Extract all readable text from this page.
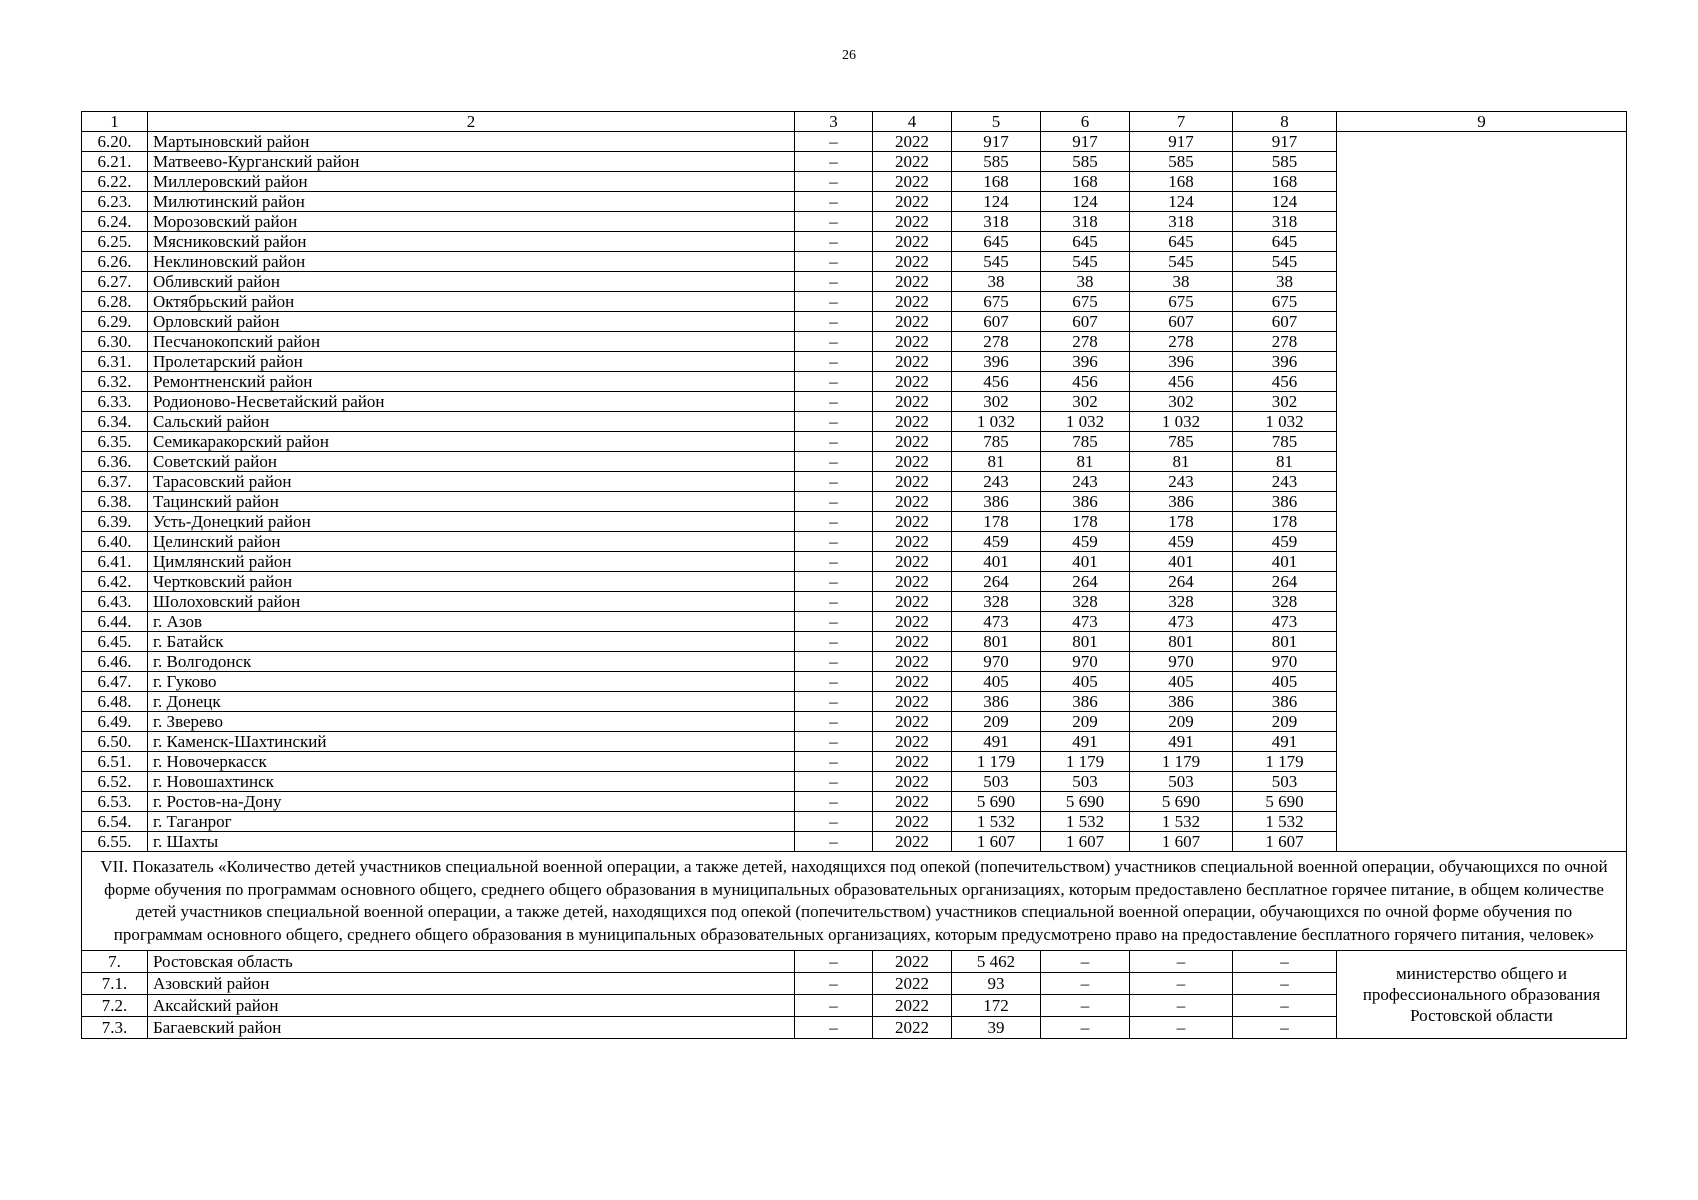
26
1	2	3	4	5	6	7	8	9
6.20.	Мартыновский район	–	2022	917	917	917	917	
6.21.	Матвеево-Курганский район	–	2022	585	585	585	585	
6.22.	Миллеровский район	–	2022	168	168	168	168	
6.23.	Милютинский район	–	2022	124	124	124	124	
6.24.	Морозовский район	–	2022	318	318	318	318	
6.25.	Мясниковский район	–	2022	645	645	645	645	
6.26.	Неклиновский район	–	2022	545	545	545	545	
6.27.	Обливский район	–	2022	38	38	38	38	
6.28.	Октябрьский район	–	2022	675	675	675	675	
6.29.	Орловский район	–	2022	607	607	607	607	
6.30.	Песчанокопский район	–	2022	278	278	278	278	
6.31.	Пролетарский район	–	2022	396	396	396	396	
6.32.	Ремонтненский район	–	2022	456	456	456	456	
6.33.	Родионово-Несветайский район	–	2022	302	302	302	302	
6.34.	Сальский район	–	2022	1 032	1 032	1 032	1 032	
6.35.	Семикаракорский район	–	2022	785	785	785	785	
6.36.	Советский район	–	2022	81	81	81	81	
6.37.	Тарасовский район	–	2022	243	243	243	243	
6.38.	Тацинский район	–	2022	386	386	386	386	
6.39.	Усть-Донецкий район	–	2022	178	178	178	178	
6.40.	Целинский район	–	2022	459	459	459	459	
6.41.	Цимлянский район	–	2022	401	401	401	401	
6.42.	Чертковский район	–	2022	264	264	264	264	
6.43.	Шолоховский район	–	2022	328	328	328	328	
6.44.	г. Азов	–	2022	473	473	473	473	
6.45.	г. Батайск	–	2022	801	801	801	801	
6.46.	г. Волгодонск	–	2022	970	970	970	970	
6.47.	г. Гуково	–	2022	405	405	405	405	
6.48.	г. Донецк	–	2022	386	386	386	386	
6.49.	г. Зверево	–	2022	209	209	209	209	
6.50.	г. Каменск-Шахтинский	–	2022	491	491	491	491	
6.51.	г. Новочеркасск	–	2022	1 179	1 179	1 179	1 179	
6.52.	г. Новошахтинск	–	2022	503	503	503	503	
6.53.	г. Ростов-на-Дону	–	2022	5 690	5 690	5 690	5 690	
6.54.	г. Таганрог	–	2022	1 532	1 532	1 532	1 532	
6.55.	г. Шахты	–	2022	1 607	1 607	1 607	1 607	
VII. Показатель «Количество детей участников специальной военной операции, а также детей, находящихся под опекой (попечительством) участников специальной военной операции, обучающихся по очной форме обучения по программам основного общего, среднего общего образования в муниципальных образовательных организациях, которым предоставлено бесплатное горячее питание, в общем количестве детей участников специальной военной операции, а также детей, находящихся под опекой (попечительством) участников специальной военной операции, обучающихся по очной форме обучения по программам основного общего, среднего общего образования в муниципальных образовательных организациях, которым предусмотрено право на предоставление бесплатного горячего питания, человек»								
7.	Ростовская область	–	2022	5 462	–	–	–	министерство общего и профессионального образования Ростовской области
7.1.	Азовский район	–	2022	93	–	–	–	
7.2.	Аксайский район	–	2022	172	–	–	–	
7.3.	Багаевский район	–	2022	39	–	–	–	
